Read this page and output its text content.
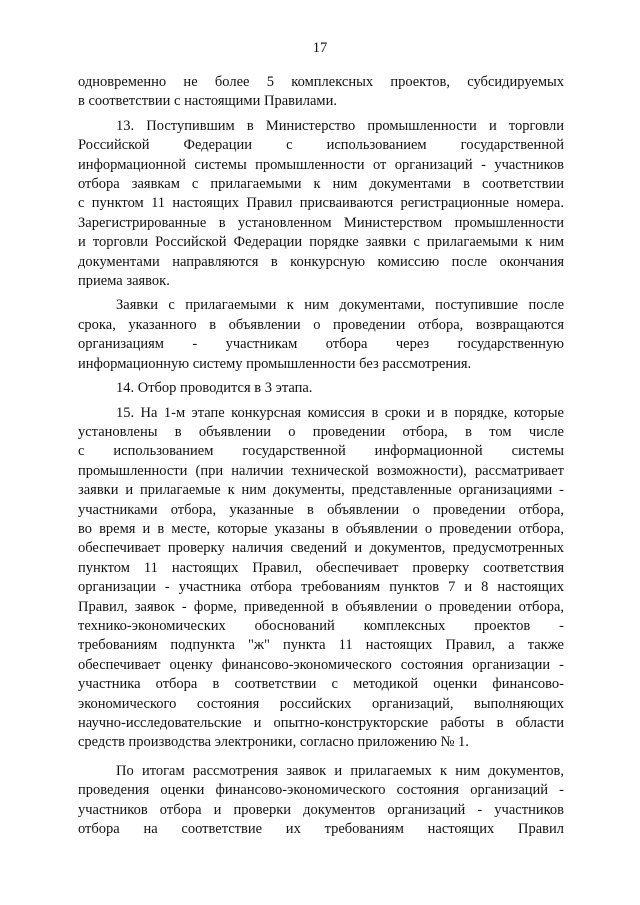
17
одновременно не более 5 комплексных проектов, субсидируемых
в соответствии с настоящими Правилами.
13. Поступившим в Министерство промышленности и торговли
Российской Федерации с использованием государственной
информационной системы промышленности от организаций - участников
отбора заявкам с прилагаемыми к ним документами в соответствии
с пунктом 11 настоящих Правил присваиваются регистрационные номера.
Зарегистрированные в установленном Министерством промышленности
и торговли Российской Федерации порядке заявки с прилагаемыми к ним
документами направляются в конкурсную комиссию после окончания
приема заявок.
Заявки с прилагаемыми к ним документами, поступившие после
срока, указанного в объявлении о проведении отбора, возвращаются
организациям - участникам отбора через государственную
информационную систему промышленности без рассмотрения.
14. Отбор проводится в 3 этапа.
15. На 1-м этапе конкурсная комиссия в сроки и в порядке, которые
установлены в объявлении о проведении отбора, в том числе
с использованием государственной информационной системы
промышленности (при наличии технической возможности), рассматривает
заявки и прилагаемые к ним документы, представленные организациями -
участниками отбора, указанные в объявлении о проведении отбора,
во время и в месте, которые указаны в объявлении о проведении отбора,
обеспечивает проверку наличия сведений и документов, предусмотренных
пунктом 11 настоящих Правил, обеспечивает проверку соответствия
организации - участника отбора требованиям пунктов 7 и 8 настоящих
Правил, заявок - форме, приведенной в объявлении о проведении отбора,
технико-экономических обоснований комплексных проектов -
требованиям подпункта "ж" пункта 11 настоящих Правил, а также
обеспечивает оценку финансово-экономического состояния организации -
участника отбора в соответствии с методикой оценки финансово-
экономического состояния российских организаций, выполняющих
научно-исследовательские и опытно-конструкторские работы в области
средств производства электроники, согласно приложению № 1.
По итогам рассмотрения заявок и прилагаемых к ним документов,
проведения оценки финансово-экономического состояния организаций -
участников отбора и проверки документов организаций - участников
отбора на соответствие их требованиям настоящих Правил
